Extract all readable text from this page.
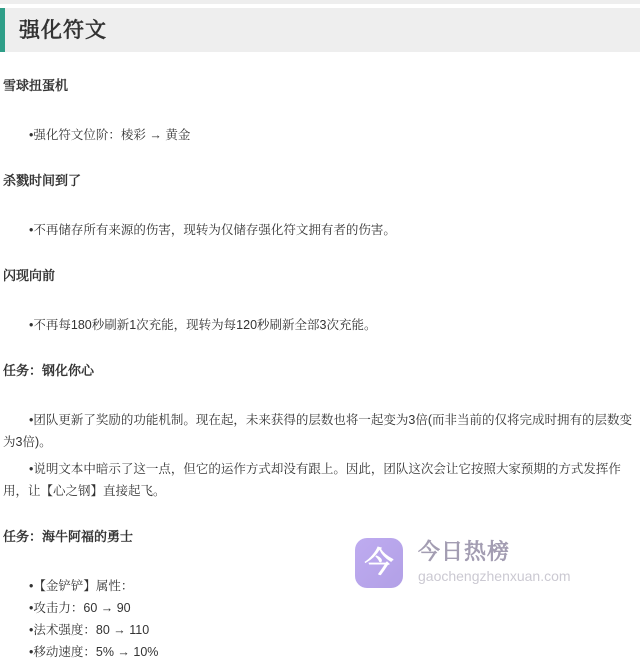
强化符文
雪球扭蛋机

•强化符文位阶：棱彩 → 黄金

杀戮时间到了

•不再储存所有来源的伤害，现转为仅储存强化符文拥有者的伤害。

闪现向前

•不再每180秒刷新1次充能，现转为每120秒刷新全部3次充能。

任务：钢化你心

•团队更新了奖励的功能机制。现在起，未来获得的层数也将一起变为3倍(而非当前的仅将完成时拥有的层数变为3倍)。

•说明文本中暗示了这一点，但它的运作方式却没有跟上。因此，团队这次会让它按照大家预期的方式发挥作用，让【心之钢】直接起飞。

任务：海牛阿福的勇士

•【金铲铲】属性：

•攻击力：60 → 90

•法术强度：80 → 110

•移动速度：5% → 10%

今 今日热榜
gaochengzhenxuan.com
